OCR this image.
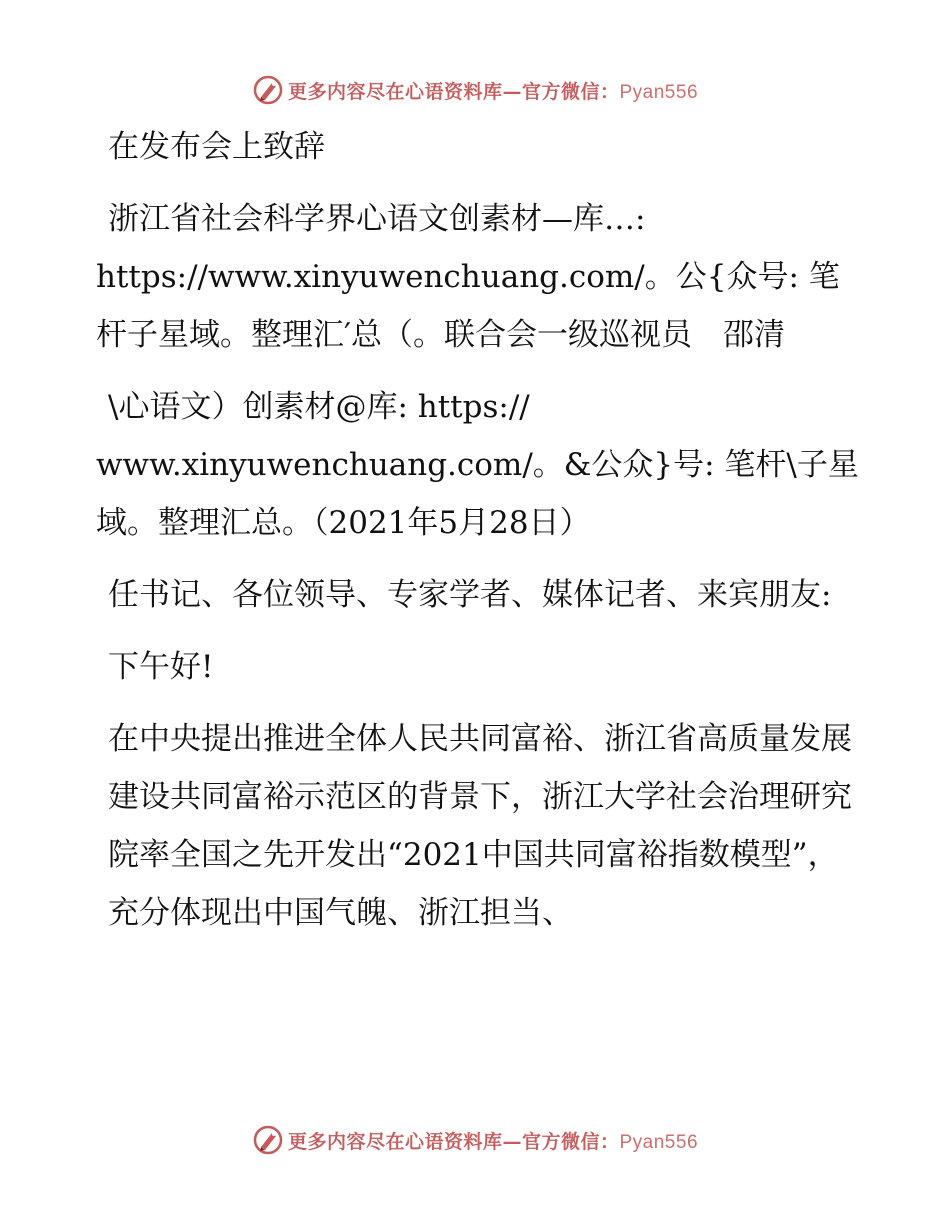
更多内容尽在心语资料库—官方微信：Pyan556

在发布会上致辞

浙江省社会科学界心语文创素材—库…:

https://www.xinyuwenchuang.com/。公{众号: 笔杆子星域。整理汇′总（。联合会一级巡视员　邵清

\心语文）创素材@库: https://

www.xinyuwenchuang.com/。&公众}号: 笔杆\子星域。整理汇总。（2021年5月28日）

任书记、各位领导、专家学者、媒体记者、来宾朋友:

下午好!

在中央提出推进全体人民共同富裕、浙江省高质量发展建设共同富裕示范区的背景下，浙江大学社会治理研究院率全国之先开发出“2021中国共同富裕指数模型”，充分体现出中国气魄、浙江担当、

更多内容尽在心语资料库—官方微信：Pyan556
